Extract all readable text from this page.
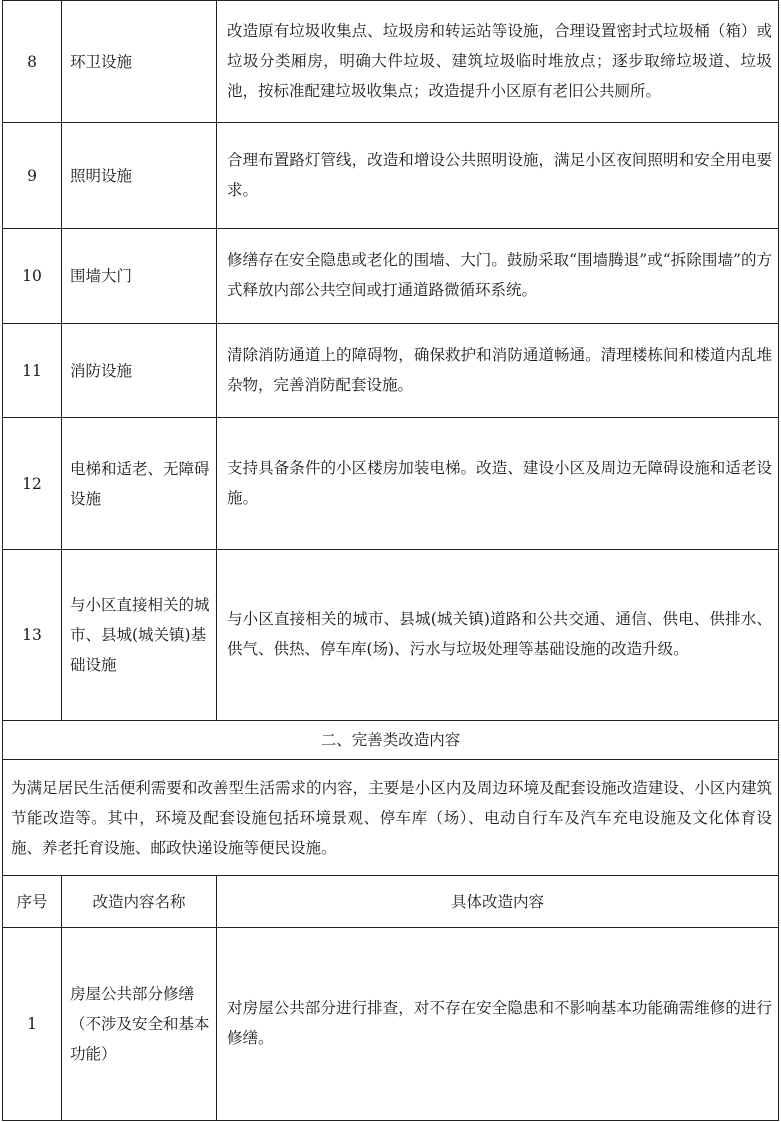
8	环卫设施	改造原有垃圾收集点、垃圾房和转运站等设施，合理设置密封式垃圾桶（箱）或垃圾分类厢房，明确大件垃圾、建筑垃圾临时堆放点；逐步取缔垃圾道、垃圾池，按标准配建垃圾收集点；改造提升小区原有老旧公共厕所。
9	照明设施	合理布置路灯管线，改造和增设公共照明设施，满足小区夜间照明和安全用电要求。
10	围墙大门	修缮存在安全隐患或老化的围墙、大门。鼓励采取“围墙腾退”或“拆除围墙”的方式释放内部公共空间或打通道路微循环系统。
11	消防设施	清除消防通道上的障碍物，确保救护和消防通道畅通。清理楼栋间和楼道内乱堆杂物，完善消防配套设施。
12	电梯和适老、无障碍设施	支持具备条件的小区楼房加装电梯。改造、建设小区及周边无障碍设施和适老设施。
13	与小区直接相关的城市、县城(城关镇)基础设施	与小区直接相关的城市、县城(城关镇)道路和公共交通、通信、供电、供排水、供气、供热、停车库(场)、污水与垃圾处理等基础设施的改造升级。
二、完善类改造内容		
为满足居民生活便利需要和改善型生活需求的内容，主要是小区内及周边环境及配套设施改造建设、小区内建筑节能改造等。其中，环境及配套设施包括环境景观、停车库（场）、电动自行车及汽车充电设施及文化体育设施、养老托育设施、邮政快递设施等便民设施。		
序号	改造内容名称	具体改造内容
1	房屋公共部分修缮（不涉及安全和基本功能）	对房屋公共部分进行排查，对不存在安全隐患和不影响基本功能确需维修的进行修缮。
